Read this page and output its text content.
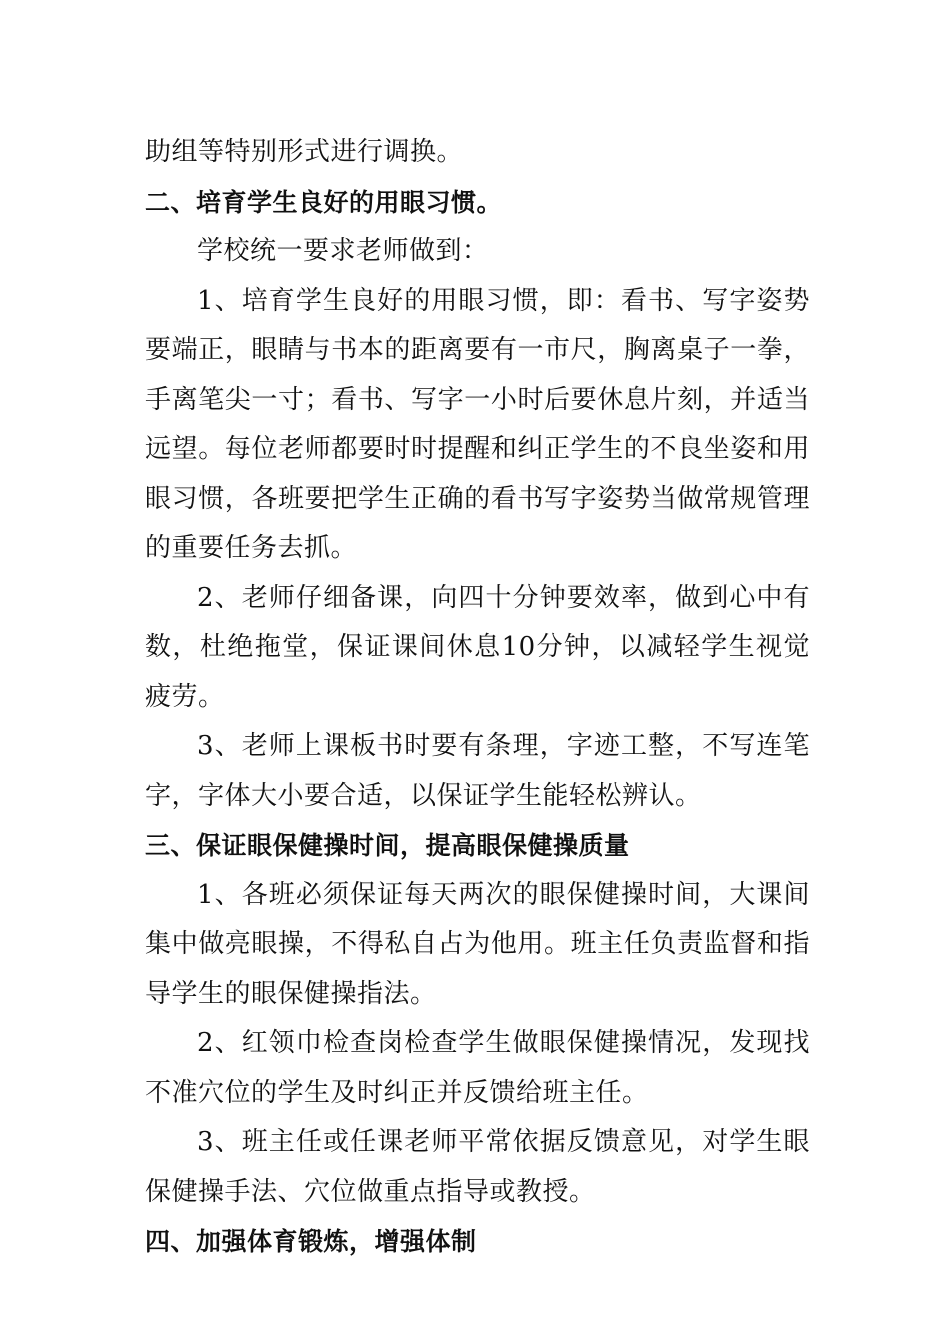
助组等特别形式进行调换。

二、培育学生良好的用眼习惯。

学校统一要求老师做到：

1、培育学生良好的用眼习惯，即：看书、写字姿势要端正，眼睛与书本的距离要有一市尺，胸离桌子一拳，手离笔尖一寸；看书、写字一小时后要休息片刻，并适当远望。每位老师都要时时提醒和纠正学生的不良坐姿和用眼习惯，各班要把学生正确的看书写字姿势当做常规管理的重要任务去抓。

2、老师仔细备课，向四十分钟要效率，做到心中有数，杜绝拖堂，保证课间休息10分钟，以减轻学生视觉疲劳。

3、老师上课板书时要有条理，字迹工整，不写连笔字，字体大小要合适，以保证学生能轻松辨认。

三、保证眼保健操时间，提高眼保健操质量

1、各班必须保证每天两次的眼保健操时间，大课间集中做亮眼操，不得私自占为他用。班主任负责监督和指导学生的眼保健操指法。

2、红领巾检查岗检查学生做眼保健操情况，发现找不准穴位的学生及时纠正并反馈给班主任。

3、班主任或任课老师平常依据反馈意见，对学生眼保健操手法、穴位做重点指导或教授。

四、加强体育锻炼，增强体制
